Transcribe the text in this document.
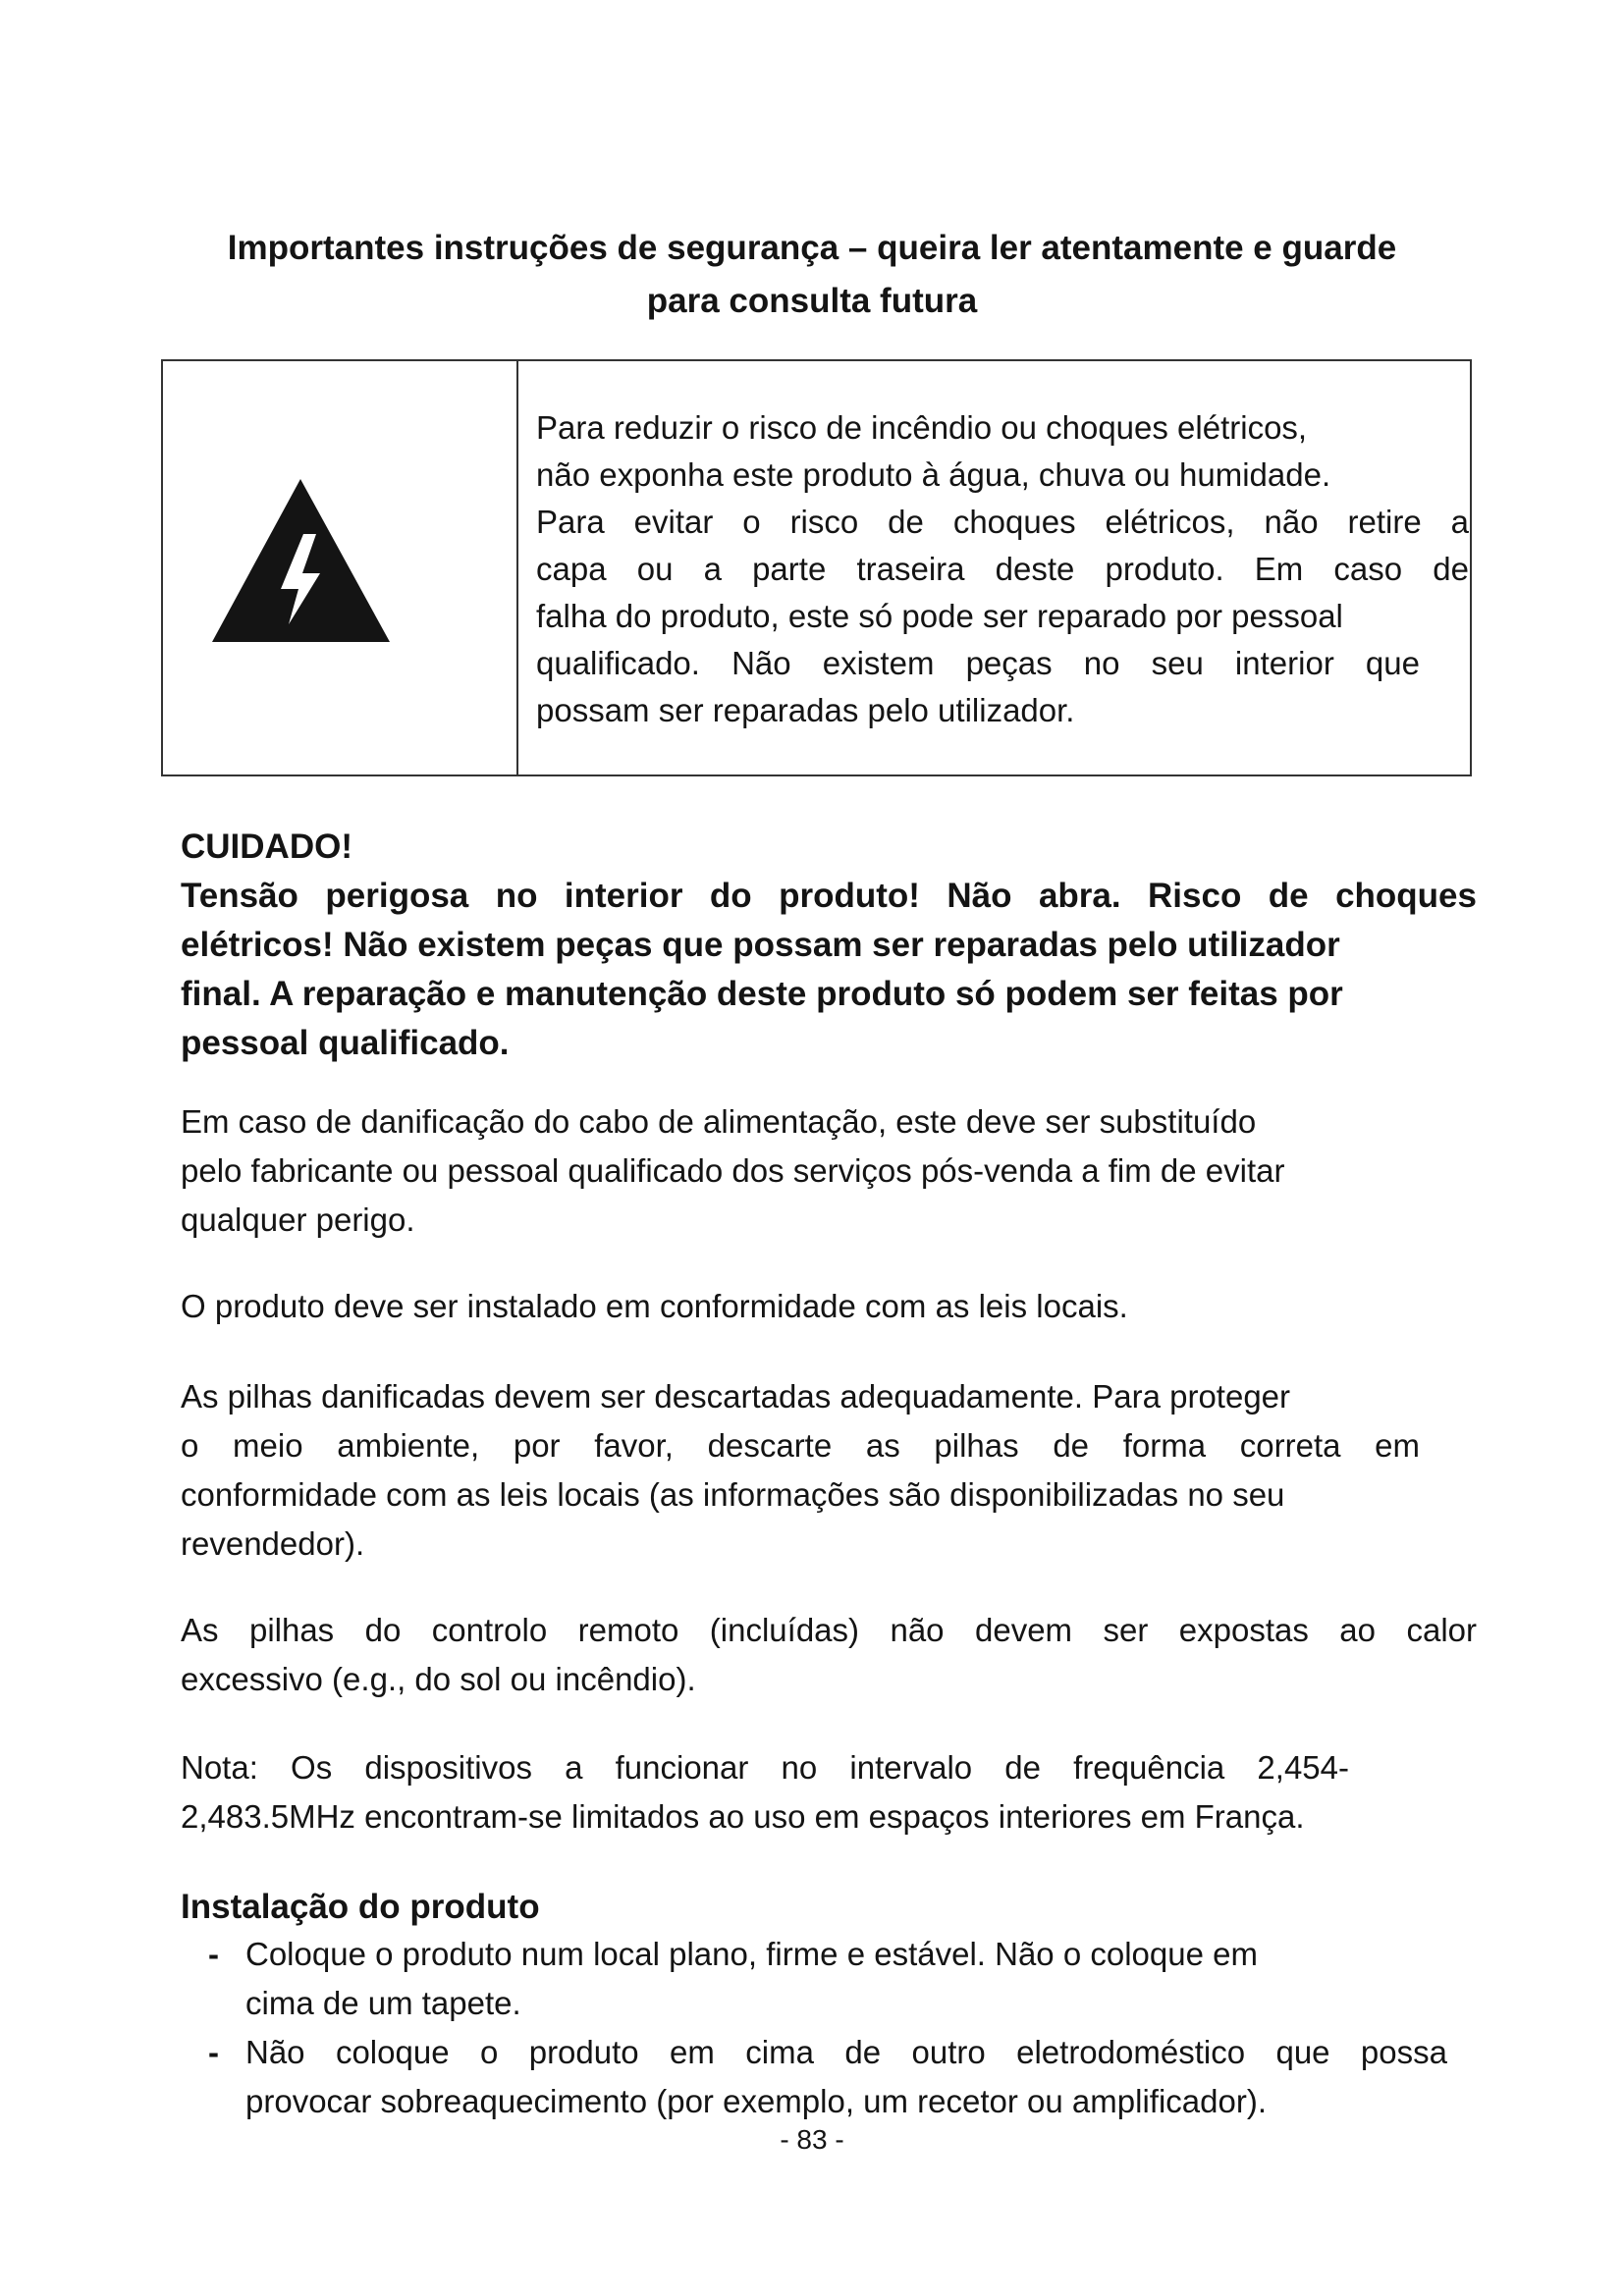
Importantes instruções de segurança – queira ler atentamente e guarde
para consulta futura
Para reduzir o risco de incêndio ou choques elétricos,
não exponha este produto à água, chuva ou humidade.
Para evitar o risco de choques elétricos, não retire a
capa ou a parte traseira deste produto. Em caso de
falha do produto, este só pode ser reparado por pessoal
qualificado. Não existem peças no seu interior que
possam ser reparadas pelo utilizador.
CUIDADO!
Tensão perigosa no interior do produto! Não abra. Risco de choques
elétricos! Não existem peças que possam ser reparadas pelo utilizador
final. A reparação e manutenção deste produto só podem ser feitas por
pessoal qualificado.
Em caso de danificação do cabo de alimentação, este deve ser substituído
pelo fabricante ou pessoal qualificado dos serviços pós-venda a fim de evitar
qualquer perigo.
O produto deve ser instalado em conformidade com as leis locais.
As pilhas danificadas devem ser descartadas adequadamente. Para proteger
o meio ambiente, por favor, descarte as pilhas de forma correta em
conformidade com as leis locais (as informações são disponibilizadas no seu
revendedor).
As pilhas do controlo remoto (incluídas) não devem ser expostas ao calor
excessivo (e.g., do sol ou incêndio).
Nota: Os dispositivos a funcionar no intervalo de frequência 2,454-
2,483.5MHz encontram-se limitados ao uso em espaços interiores em França.
Instalação do produto
- Coloque o produto num local plano, firme e estável. Não o coloque em
cima de um tapete.
- Não coloque o produto em cima de outro eletrodoméstico que possa
provocar sobreaquecimento (por exemplo, um recetor ou amplificador).
- 83 -
